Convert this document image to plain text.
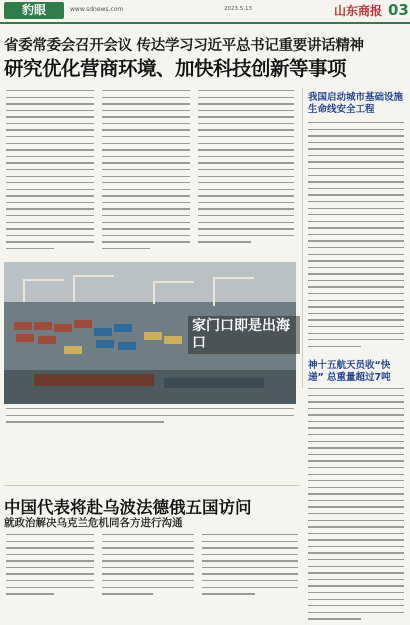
豹眼	www.sdnews.com	2023.5.13	山东商报 03
省委常委会召开会议 传达学习习近平总书记重要讲话精神
研究优化营商环境、加快科技创新等事项
我国启动城市基础设施生命线安全工程
神十五航天员收“快递” 总重量超过7吨
家门口即是出海口
中国代表将赴乌波法德俄五国访问
就政治解决乌克兰危机同各方进行沟通
